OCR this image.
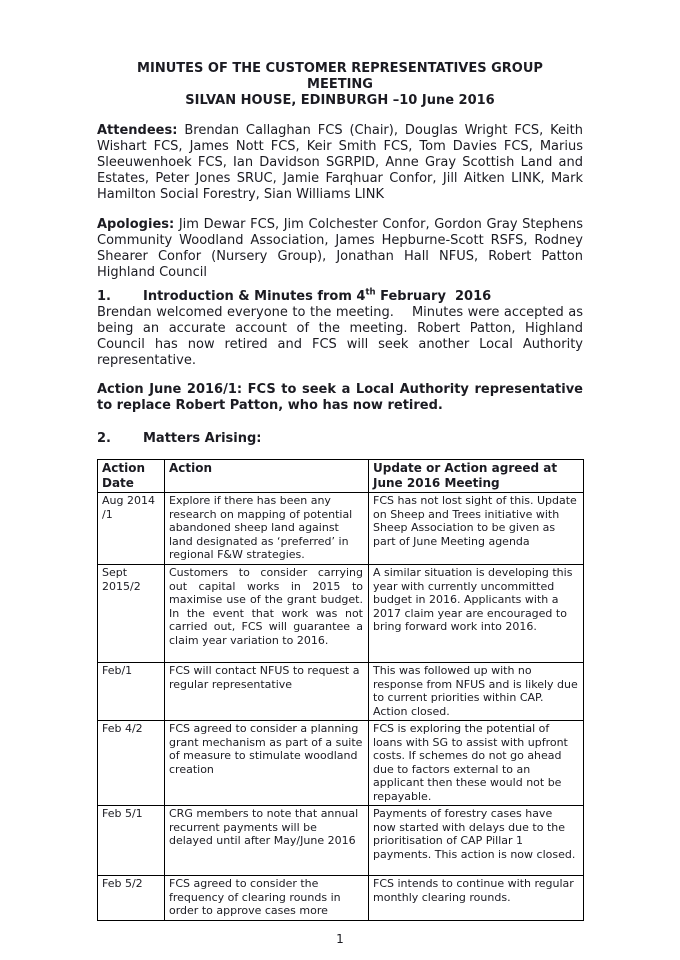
MINUTES OF THE CUSTOMER REPRESENTATIVES GROUP
MEETING
SILVAN HOUSE, EDINBURGH –10 June 2016

Attendees: Brendan Callaghan FCS (Chair), Douglas Wright FCS, Keith Wishart FCS, James Nott FCS, Keir Smith FCS, Tom Davies FCS, Marius Sleeuwenhoek FCS, Ian Davidson SGRPID, Anne Gray Scottish Land and Estates, Peter Jones SRUC, Jamie Farqhuar Confor, Jill Aitken LINK, Mark Hamilton Social Forestry, Sian Williams LINK

Apologies: Jim Dewar FCS, Jim Colchester Confor, Gordon Gray Stephens Community Woodland Association, James Hepburne-Scott RSFS, Rodney Shearer Confor (Nursery Group), Jonathan Hall NFUS, Robert Patton Highland Council

1.	Introduction & Minutes from 4th February  2016

Brendan welcomed everyone to the meeting.    Minutes were accepted as being an accurate account of the meeting. Robert Patton, Highland Council has now retired and FCS will seek another Local Authority representative.

Action June 2016/1: FCS to seek a Local Authority representative to replace Robert Patton, who has now retired.

2.	Matters Arising:
Action Date	Action	Update or Action agreed at June 2016 Meeting
Aug 2014 /1	Explore if there has been any research on mapping of potential abandoned sheep land against land designated as ‘preferred’ in regional F&W strategies.	FCS has not lost sight of this. Update on Sheep and Trees initiative with Sheep Association to be given as part of June Meeting agenda
Sept 2015/2	Customers to consider carrying out capital works in 2015 to maximise use of the grant budget. In the event that work was not carried out, FCS will guarantee a claim year variation to 2016.	A similar situation is developing this year with currently uncommitted budget in 2016. Applicants with a 2017 claim year are encouraged to bring forward work into 2016.
Feb/1	FCS will contact NFUS to request a regular representative	This was followed up with no response from NFUS and is likely due to current priorities within CAP. Action closed.
Feb 4/2	FCS agreed to consider a planning grant mechanism as part of a suite of measure to stimulate woodland creation	FCS is exploring the potential of loans with SG to assist with upfront costs. If schemes do not go ahead due to factors external to an applicant then these would not be repayable.
Feb 5/1	CRG members to note that annual recurrent payments will be delayed until after May/June 2016	Payments of forestry cases have now started with delays due to the prioritisation of CAP Pillar 1 payments. This action is now closed.
Feb 5/2	FCS agreed to consider the frequency of clearing rounds in order to approve cases more	FCS intends to continue with regular monthly clearing rounds.
1
